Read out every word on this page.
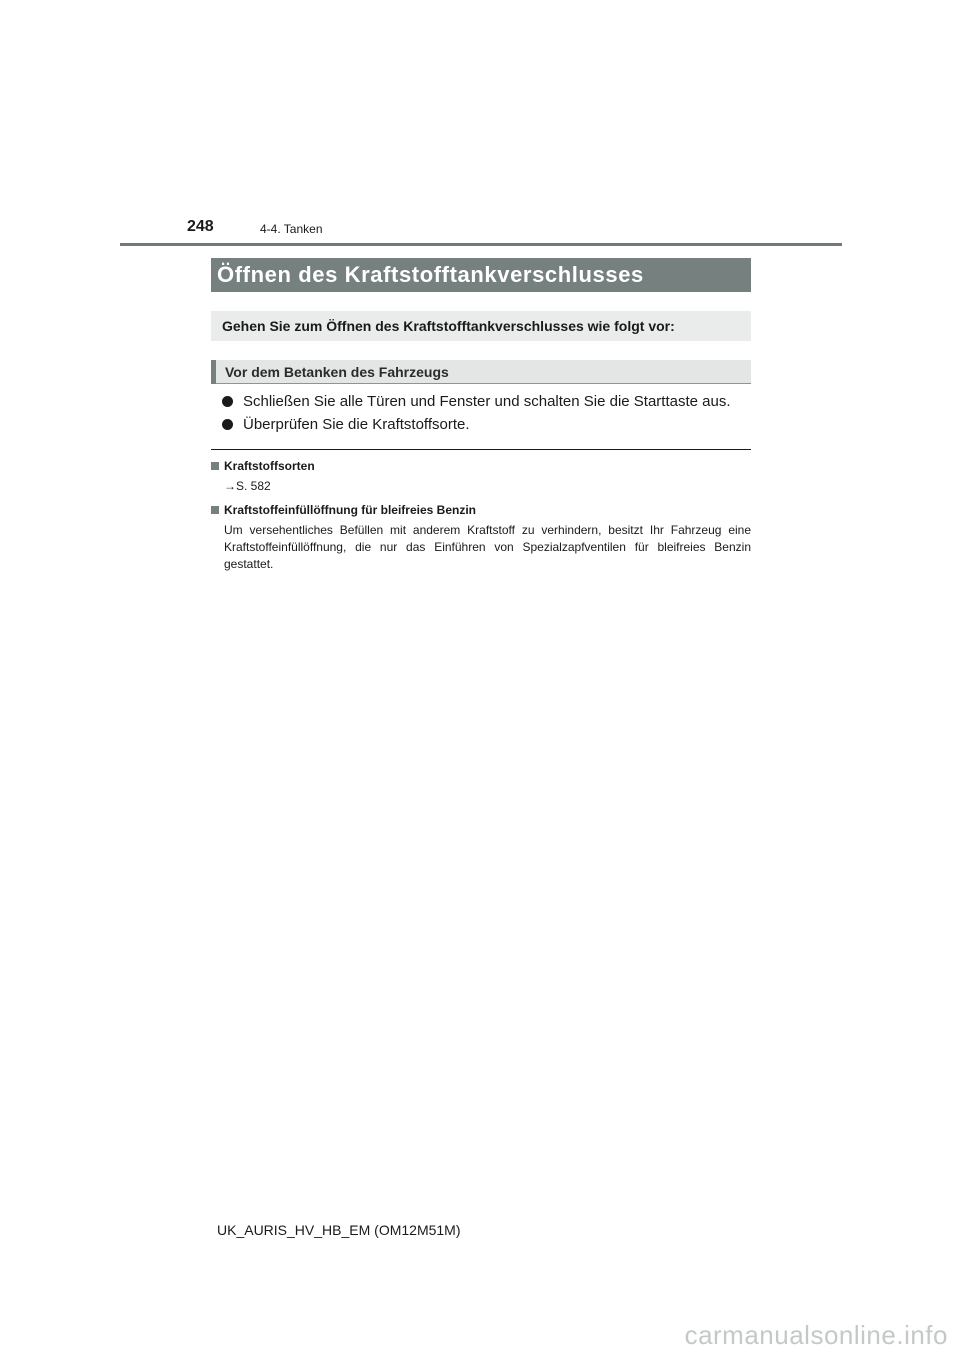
248	4-4. Tanken
Öffnen des Kraftstofftankverschlusses
Gehen Sie zum Öffnen des Kraftstofftankverschlusses wie folgt vor:
Vor dem Betanken des Fahrzeugs
Schließen Sie alle Türen und Fenster und schalten Sie die Starttaste aus.
Überprüfen Sie die Kraftstoffsorte.
Kraftstoffsorten
→S. 582
Kraftstoffeinfüllöffnung für bleifreies Benzin
Um versehentliches Befüllen mit anderem Kraftstoff zu verhindern, besitzt Ihr Fahrzeug eine Kraftstoffeinfüllöffnung, die nur das Einführen von Spezialzapfventilen für bleifreies Benzin gestattet.
UK_AURIS_HV_HB_EM (OM12M51M)
carmanualsonline.info
